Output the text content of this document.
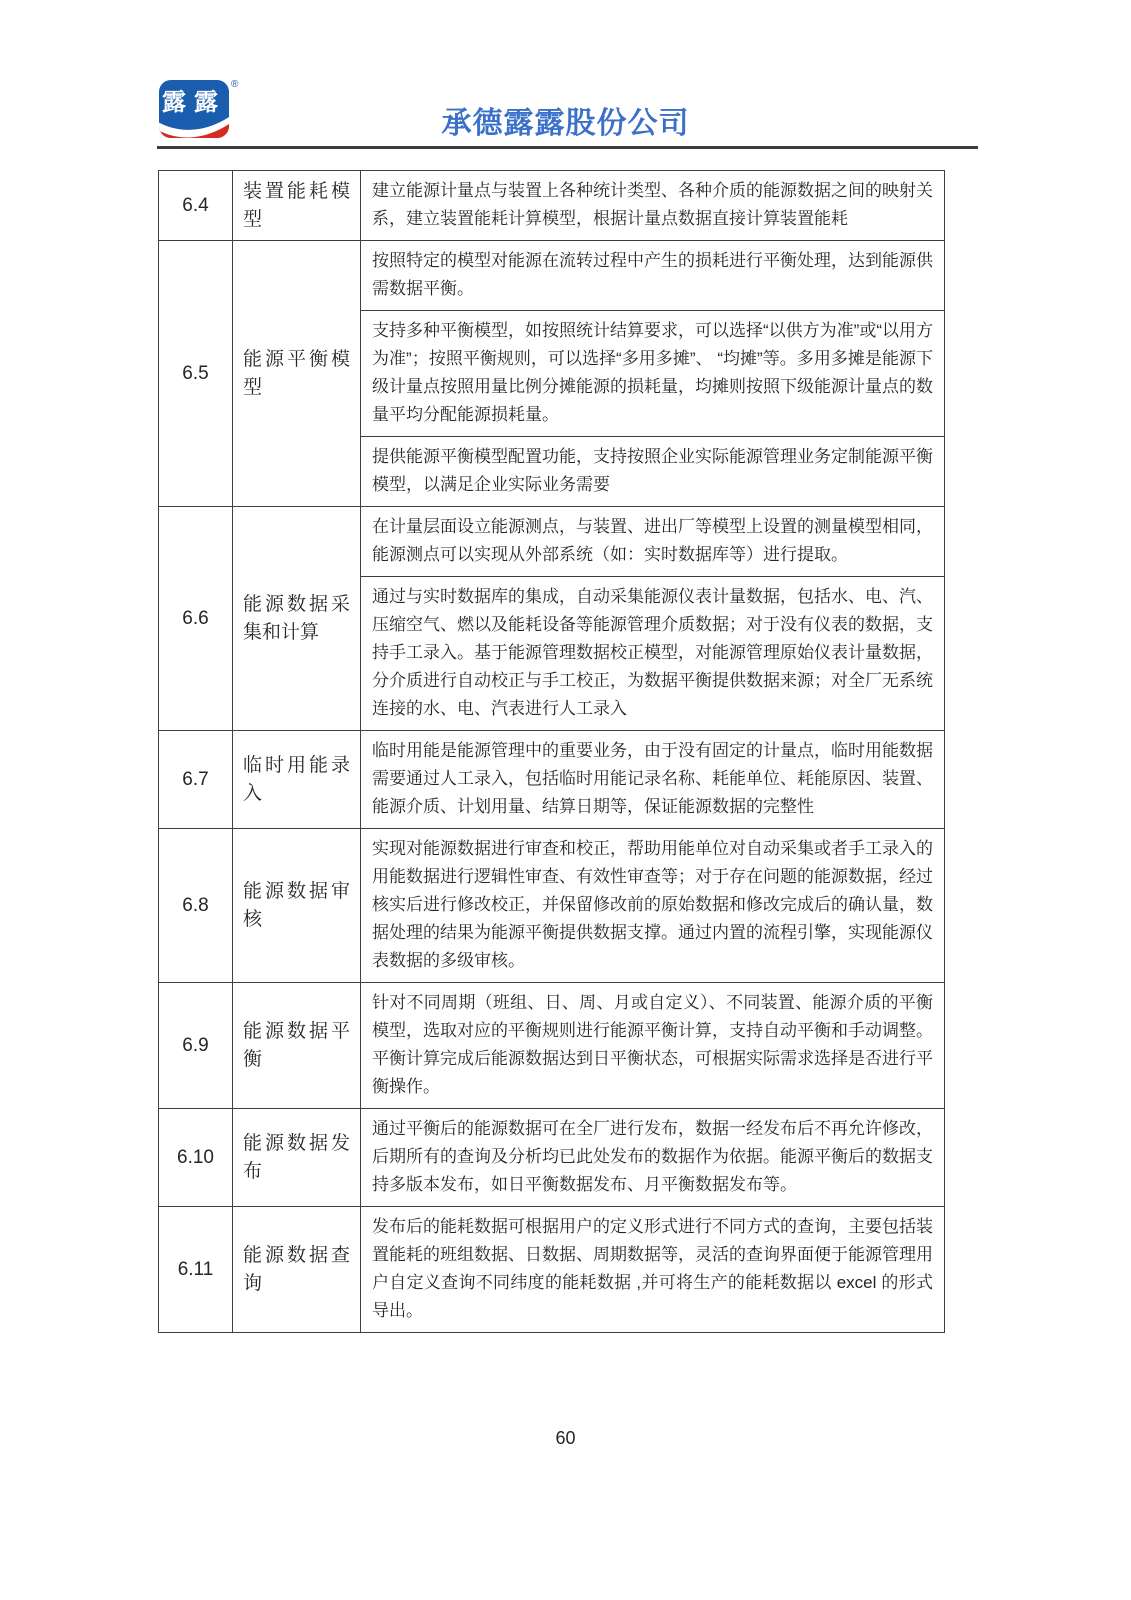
露露
®
承德露露股份公司
6.4	装置能耗模型	建立能源计量点与装置上各种统计类型、各种介质的能源数据之间的映射关系，建立装置能耗计算模型，根据计量点数据直接计算装置能耗

6.5	能源平衡模型	按照特定的模型对能源在流转过程中产生的损耗进行平衡处理，达到能源供需数据平衡。
支持多种平衡模型，如按照统计结算要求，可以选择“以供方为准”或“以用方为准”；按照平衡规则，可以选择“多用多摊”、 “均摊”等。多用多摊是能源下级计量点按照用量比例分摊能源的损耗量，均摊则按照下级能源计量点的数量平均分配能源损耗量。
提供能源平衡模型配置功能，支持按照企业实际能源管理业务定制能源平衡模型，以满足企业实际业务需要

6.6	能源数据采集和计算	在计量层面设立能源测点，与装置、进出厂等模型上设置的测量模型相同，能源测点可以实现从外部系统（如：实时数据库等）进行提取。
通过与实时数据库的集成，自动采集能源仪表计量数据，包括水、电、汽、压缩空气、燃以及能耗设备等能源管理介质数据；对于没有仪表的数据，支持手工录入。基于能源管理数据校正模型，对能源管理原始仪表计量数据，分介质进行自动校正与手工校正，为数据平衡提供数据来源；对全厂无系统连接的水、电、汽表进行人工录入

6.7	临时用能录入	临时用能是能源管理中的重要业务，由于没有固定的计量点，临时用能数据需要通过人工录入，包括临时用能记录名称、耗能单位、耗能原因、装置、能源介质、计划用量、结算日期等，保证能源数据的完整性

6.8	能源数据审核	实现对能源数据进行审查和校正，帮助用能单位对自动采集或者手工录入的用能数据进行逻辑性审查、有效性审查等；对于存在问题的能源数据，经过核实后进行修改校正，并保留修改前的原始数据和修改完成后的确认量，数据处理的结果为能源平衡提供数据支撑。通过内置的流程引擎，实现能源仪表数据的多级审核。

6.9	能源数据平衡	针对不同周期（班组、日、周、月或自定义）、不同装置、能源介质的平衡模型，选取对应的平衡规则进行能源平衡计算，支持自动平衡和手动调整。平衡计算完成后能源数据达到日平衡状态，可根据实际需求选择是否进行平衡操作。

6.10	能源数据发布	通过平衡后的能源数据可在全厂进行发布，数据一经发布后不再允许修改，后期所有的查询及分析均已此处发布的数据作为依据。能源平衡后的数据支持多版本发布，如日平衡数据发布、月平衡数据发布等。

6.11	能源数据查询	发布后的能耗数据可根据用户的定义形式进行不同方式的查询，主要包括装置能耗的班组数据、日数据、周期数据等，灵活的查询界面便于能源管理用户自定义查询不同纬度的能耗数据 ,并可将生产的能耗数据以 excel 的形式导出。
60
